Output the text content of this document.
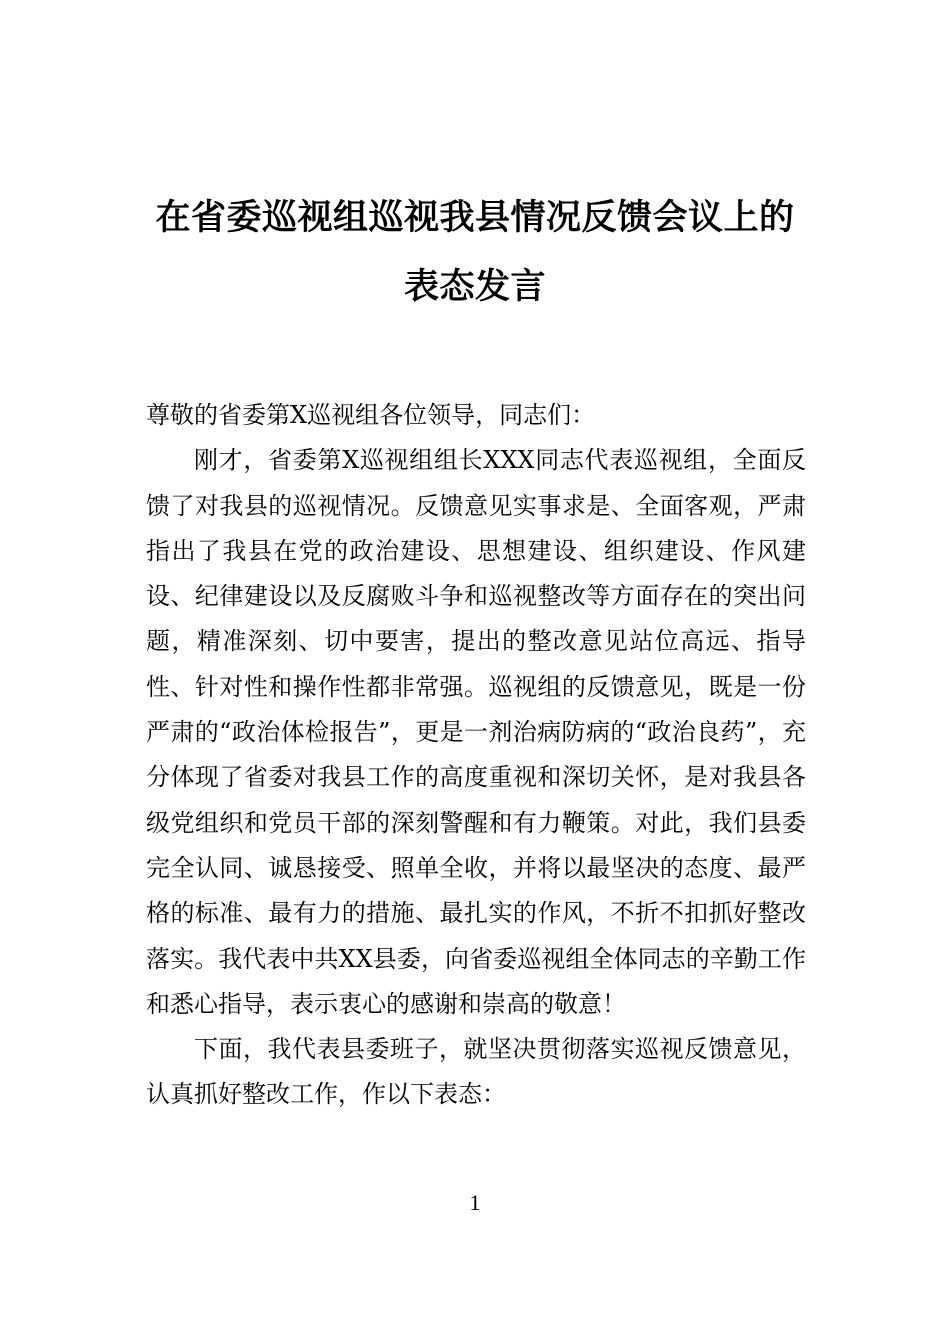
在省委巡视组巡视我县情况反馈会议上的
表态发言

尊敬的省委第X巡视组各位领导，同志们：

刚才，省委第X巡视组组长XXX同志代表巡视组，全面反馈了对我县的巡视情况。反馈意见实事求是、全面客观，严肃指出了我县在党的政治建设、思想建设、组织建设、作风建设、纪律建设以及反腐败斗争和巡视整改等方面存在的突出问题，精准深刻、切中要害，提出的整改意见站位高远、指导性、针对性和操作性都非常强。巡视组的反馈意见，既是一份严肃的“政治体检报告”，更是一剂治病防病的“政治良药”，充分体现了省委对我县工作的高度重视和深切关怀，是对我县各级党组织和党员干部的深刻警醒和有力鞭策。对此，我们县委完全认同、诚恳接受、照单全收，并将以最坚决的态度、最严格的标准、最有力的措施、最扎实的作风，不折不扣抓好整改落实。我代表中共XX县委，向省委巡视组全体同志的辛勤工作和悉心指导，表示衷心的感谢和崇高的敬意！

下面，我代表县委班子，就坚决贯彻落实巡视反馈意见，认真抓好整改工作，作以下表态：

1
